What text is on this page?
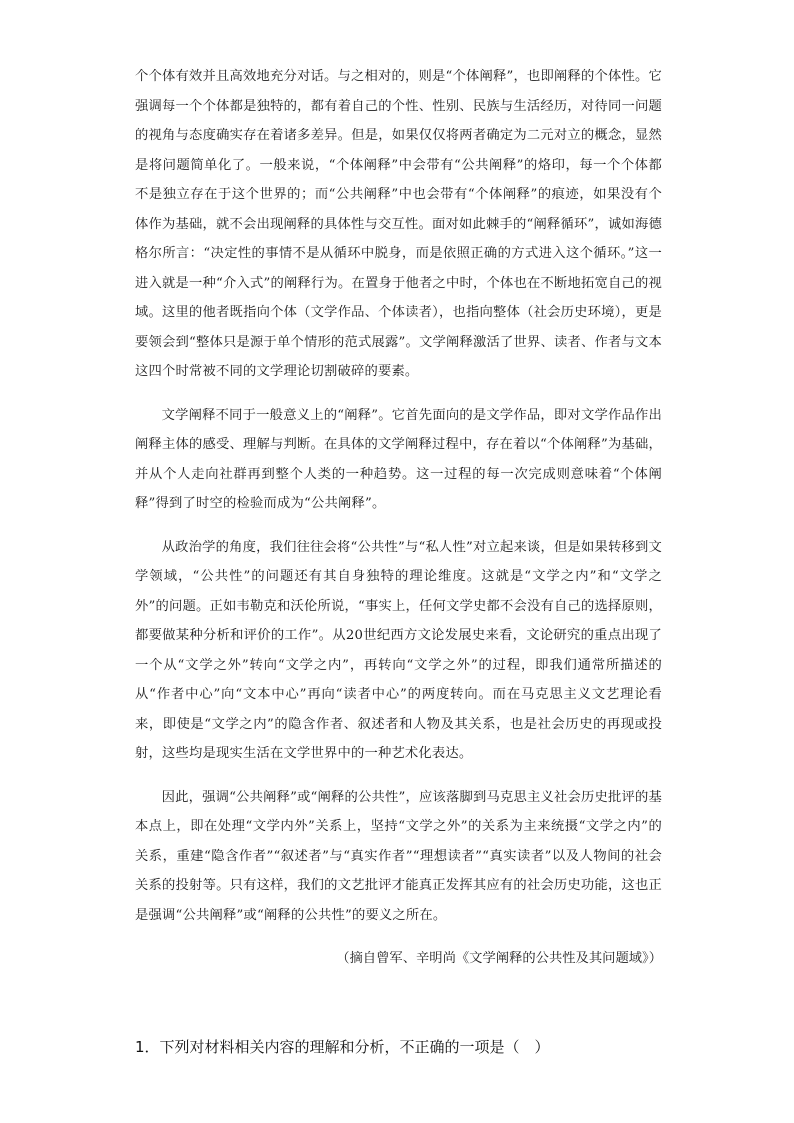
个个体有效并且高效地充分对话。与之相对的，则是“个体阐释”，也即阐释的个体性。它强调每一个个体都是独特的，都有着自己的个性、性别、民族与生活经历，对待同一问题的视角与态度确实存在着诸多差异。但是，如果仅仅将两者确定为二元对立的概念，显然是将问题简单化了。一般来说，“个体阐释”中会带有“公共阐释”的烙印，每一个个体都不是独立存在于这个世界的；而“公共阐释”中也会带有“个体阐释”的痕迹，如果没有个体作为基础，就不会出现阐释的具体性与交互性。面对如此棘手的“阐释循环”，诚如海德格尔所言：“决定性的事情不是从循环中脱身，而是依照正确的方式进入这个循环。”这一进入就是一种“介入式”的阐释行为。在置身于他者之中时，个体也在不断地拓宽自己的视域。这里的他者既指向个体（文学作品、个体读者），也指向整体（社会历史环境），更是要领会到“整体只是源于单个情形的范式展露”。文学阐释激活了世界、读者、作者与文本这四个时常被不同的文学理论切割破碎的要素。

文学阐释不同于一般意义上的“阐释”。它首先面向的是文学作品，即对文学作品作出阐释主体的感受、理解与判断。在具体的文学阐释过程中，存在着以“个体阐释”为基础，并从个人走向社群再到整个人类的一种趋势。这一过程的每一次完成则意味着“个体阐释”得到了时空的检验而成为“公共阐释”。

从政治学的角度，我们往往会将“公共性”与“私人性”对立起来谈，但是如果转移到文学领域，“公共性”的问题还有其自身独特的理论维度。这就是“文学之内”和“文学之外”的问题。正如韦勒克和沃伦所说，“事实上，任何文学史都不会没有自己的选择原则，都要做某种分析和评价的工作”。从20世纪西方文论发展史来看，文论研究的重点出现了一个从“文学之外”转向“文学之内”，再转向“文学之外”的过程，即我们通常所描述的从“作者中心”向“文本中心”再向“读者中心”的两度转向。而在马克思主义文艺理论看来，即使是“文学之内”的隐含作者、叙述者和人物及其关系，也是社会历史的再现或投射，这些均是现实生活在文学世界中的一种艺术化表达。

因此，强调“公共阐释”或“阐释的公共性”，应该落脚到马克思主义社会历史批评的基本点上，即在处理“文学内外”关系上，坚持“文学之外”的关系为主来统摄“文学之内”的关系，重建“隐含作者”“叙述者”与“真实作者”“理想读者”“真实读者”以及人物间的社会关系的投射等。只有这样，我们的文艺批评才能真正发挥其应有的社会历史功能，这也正是强调“公共阐释”或“阐释的公共性”的要义之所在。

（摘自曾军、辛明尚《文学阐释的公共性及其问题域》）

1．下列对材料相关内容的理解和分析，不正确的一项是（　）
